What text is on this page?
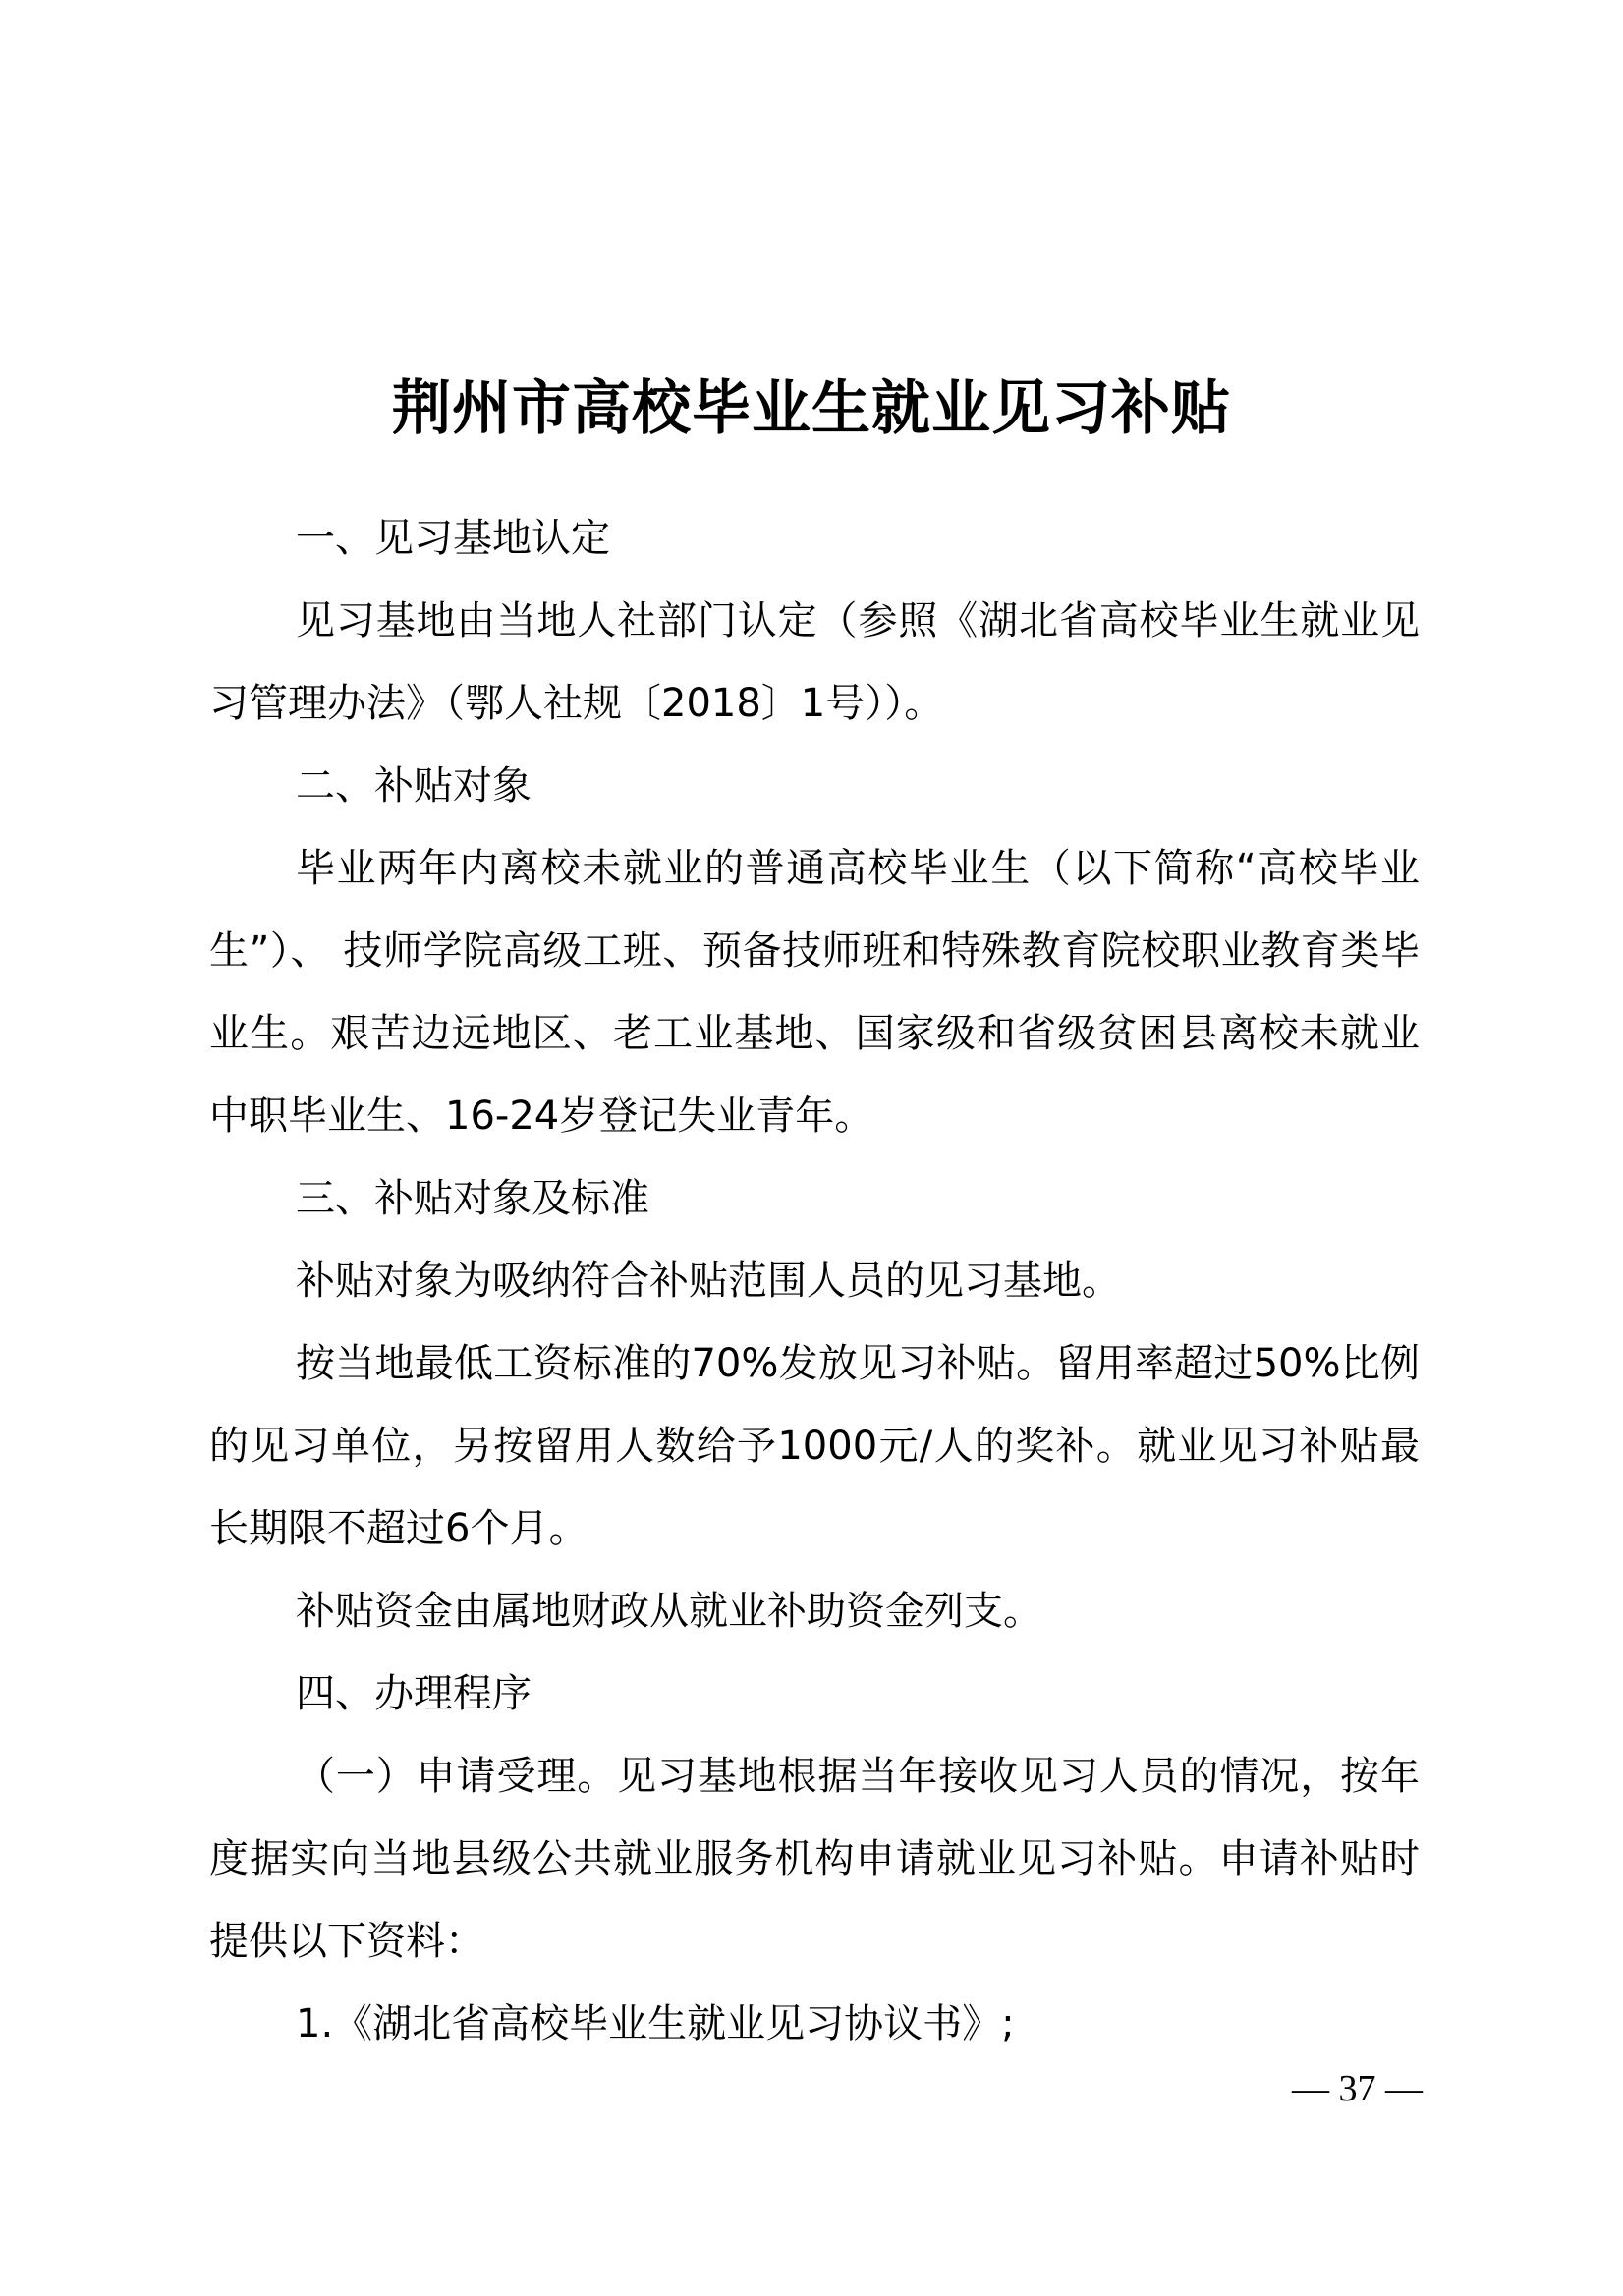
荆州市高校毕业生就业见习补贴

一、见习基地认定

见习基地由当地人社部门认定（参照《湖北省高校毕业生就业见习管理办法》（鄂人社规〔2018〕1号））。

二、补贴对象

毕业两年内离校未就业的普通高校毕业生（以下简称“高校毕业生”）、 技师学院高级工班、预备技师班和特殊教育院校职业教育类毕业生。艰苦边远地区、老工业基地、国家级和省级贫困县离校未就业中职毕业生、16-24岁登记失业青年。

三、补贴对象及标准

补贴对象为吸纳符合补贴范围人员的见习基地。

按当地最低工资标准的70%发放见习补贴。留用率超过50%比例的见习单位，另按留用人数给予1000元/人的奖补。就业见习补贴最长期限不超过6个月。

补贴资金由属地财政从就业补助资金列支。

四、办理程序

（一）申请受理。见习基地根据当年接收见习人员的情况，按年度据实向当地县级公共就业服务机构申请就业见习补贴。申请补贴时提供以下资料：

1.《湖北省高校毕业生就业见习协议书》;

— 37 —
